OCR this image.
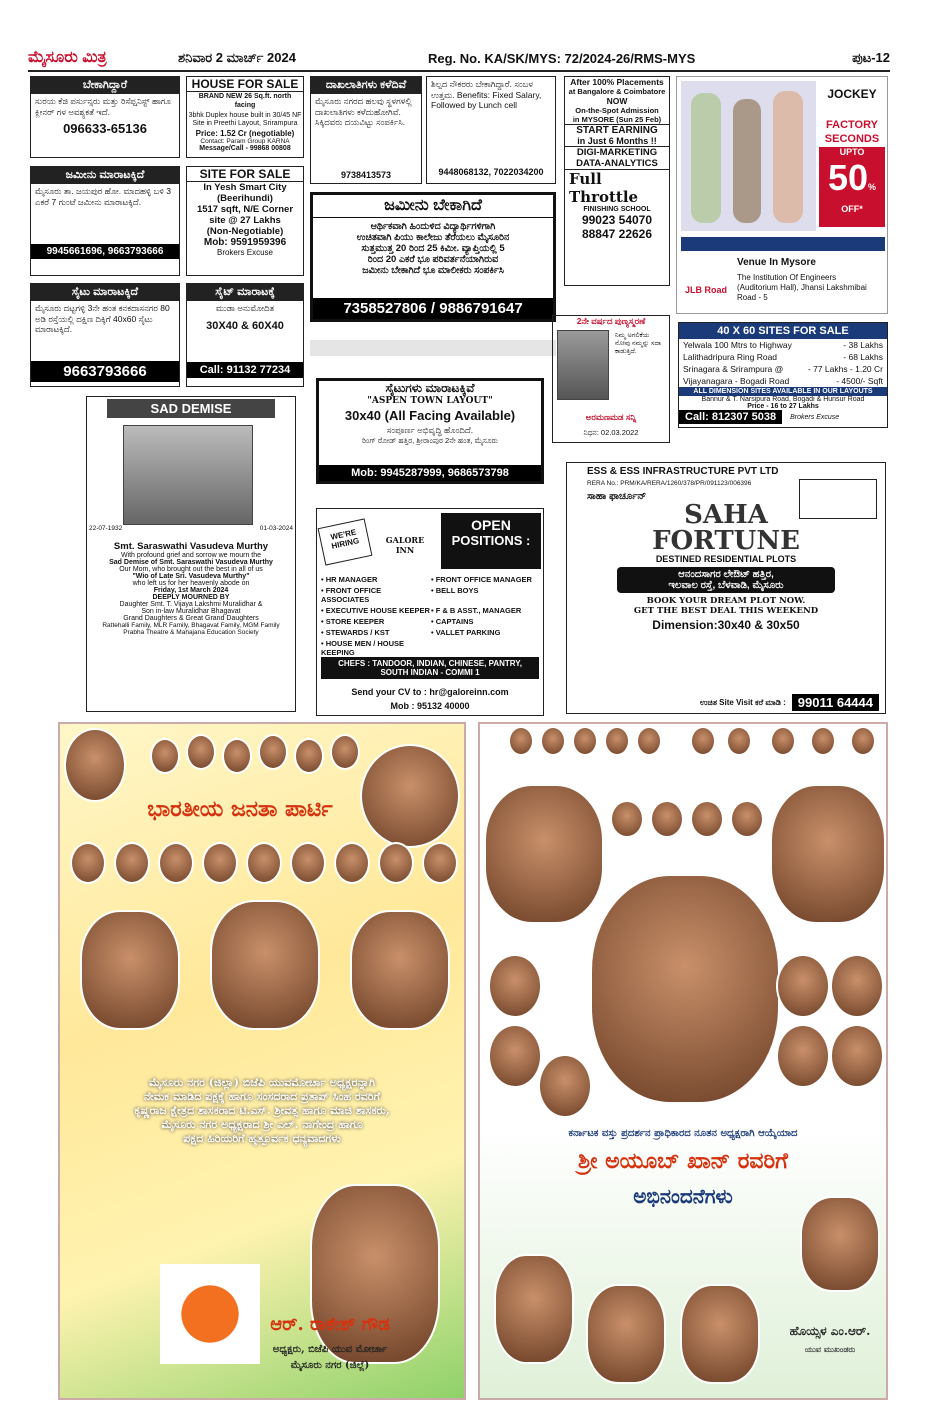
ಮೈಸೂರು ಮಿತ್ರ	ಶನಿವಾರ 2 ಮಾರ್ಚ್ 2024	Reg. No. KA/SK/MYS: 72/2024-26/RMS-MYS	ಪುಟ-12
ಬೇಕಾಗಿದ್ದಾರೆ
ಸುರಯ ಕೆಜಿ ಪರ್ಸುನ್ಸರು ಮತ್ತು ರಿಸೆಪ್ಷನಿಸ್ಟ್ ಹಾಗೂ ಕ್ಲೀನರ್ ಗಳ ಅವಶ್ಯಕತೆ ಇದೆ.
096633-65136
ಜಮೀನು ಮಾರಾಟಕ್ಕಿದೆ
ಮೈಸೂರು ತಾ. ಜಯಪುರ ಹೋ. ಮಾದಹಳ್ಳಿ ಬಳಿ 3 ಎಕರೆ 7 ಗುಂಟೆ ಜಮೀನು ಮಾರಾಟಕ್ಕಿದೆ.
9945661696, 9663793666
ಸೈಟು ಮಾರಾಟಕ್ಕಿದೆ
ಮೈಸೂರು ದಟ್ಟಗಳ್ಳಿ 3ನೇ ಹಂತ ಕನಕದಾಸನಗರ 80 ಅಡಿ ರಸ್ತೆಯಲ್ಲಿ ದಕ್ಷಿಣ ದಿಕ್ಕಿಗೆ 40x60 ಸೈಟು ಮಾರಾಟಕ್ಕಿದೆ.
9663793666
HOUSE FOR SALE
BRAND NEW 26 Sq.ft. north facing
3bhk Duplex house built in 30/45 NF
Site in Preethi Layout, Srirampura
Price: 1.52 Cr (negotiable)
Contact: Param Group KARNA
Message/Call - 99868 00808
SITE FOR SALE
In Yesh Smart City
(Beerihundi)
1517 sqft, N/E Corner
site @ 27 Lakhs
(Non-Negotiable)
Mob: 9591959396
Brokers Excuse
ಸೈಟ್ ಮಾರಾಟಕ್ಕೆ
ಮುಡಾ ಅನುಮೋದಿತ
30X40 & 60X40
Call: 91132 77234
ದಾಖಲಾತಿಗಳು ಕಳೆದಿವೆ
ಮೈಸೂರು ನಗರದ ಹಲವು ಸ್ಥಳಗಳಲ್ಲಿ ದಾಖಲಾತಿಗಳು ಕಳೆದುಹೋಗಿವೆ. ಸಿಕ್ಕಿದವರು ದಯವಿಟ್ಟು ಸಂಪರ್ಕಿಸಿ.
9738413573
ಶಿಲ್ಪದ ನೌಕರರು ಬೇಕಾಗಿದ್ದಾರೆ. ಸಂಬಳ ಉತ್ತಮ. Benefits: Fixed Salary, Followed by Lunch cell
9448068132, 7022034200
ಜಮೀನು ಬೇಕಾಗಿದೆ
ಆರ್ಥಿಕವಾಗಿ ಹಿಂದುಳಿದ ವಿದ್ಯಾರ್ಥಿಗಳಿಗಾಗಿ
ಉಚಿತವಾಗಿ ಪಿಯು ಕಾಲೇಜು ತೆರೆಯಲು ಮೈಸೂರಿನ
ಸುತ್ತಮುತ್ತ 20 ರಿಂದ 25 ಕಿಮೀ. ವ್ಯಾಪ್ತಿಯಲ್ಲಿ 5
ರಿಂದ 20 ಎಕರೆ ಭೂ ಪರಿವರ್ತನೆಯಾಗಿರುವ
ಜಮೀನು ಬೇಕಾಗಿದೆ ಭೂ ಮಾಲೀಕರು ಸಂಪರ್ಕಿಸಿ
7358527806 / 9886791647
After 100% Placements
at Bangalore & Coimbatore
NOW
On-the-Spot Admission
in MYSORE (Sun 25 Feb)
START EARNING
in Just 6 Months !!
DIGI-MARKETING
DATA-ANALYTICS
Full
Throttle
FINISHING SCHOOL
99023 54070
88847 22626
JOCKEY
FACTORY
SECONDS
UPTO
50% OFF*
Venue In Mysore
JLB Road
The Institution Of Engineers
(Auditorium Hall), Jhansi Lakshmibai
Road - 5
2ನೇ ವರ್ಷದ ಪುಣ್ಯಸ್ಮರಣೆ
ನಿಮ್ಮ ಅಗಲಿಕೆಯ ನೋವು ನಮ್ಮನ್ನು ಸದಾ ಕಾಡುತ್ತಿದೆ.
ಅರಮಣಮಡ ಸನ್ನಿ
ನಿಧನ: 02.03.2022
40 X 60 SITES FOR SALE
Yelwala 100 Mtrs to Highway	- 38 Lakhs
Lalithadripura Ring Road	- 68 Lakhs
Srinagara & Srirampura @	- 77 Lakhs - 1.20 Cr
Vijayanagara - Bogadi Road	- 4500/- Sqft
ALL DIMENSION SITES AVAILABLE IN OUR LAYOUTS
Bannur & T. Narsipura Road, Bogadi & Hunsur Road
Price - 16 to 27 Lakhs
Call: 812307 5038	Brokers Excuse
ಸೈಟುಗಳು ಮಾರಾಟಕ್ಕಿವೆ
"ASPEN TOWN LAYOUT"
30x40 (All Facing Available)
ಸಂಪೂರ್ಣ ಅಭಿವೃದ್ಧಿ ಹೊಂದಿದೆ.
ರಿಂಗ್ ರೋಡ್ ಹತ್ತಿರ, ಶ್ರೀರಾಂಪುರ 2ನೇ ಹಂತ, ಮೈಸೂರು
Mob: 9945287999, 9686573798
SAD DEMISE
22-07-1932	01-03-2024
Smt. Saraswathi Vasudeva Murthy
With profound grief and sorrow we mourn the
Sad Demise of Smt. Saraswathi Vasudeva Murthy
Our Mom, who brought out the best in all of us
"Wio of Late Sri. Vasudeva Murthy"
who left us for her heavenly abode on
Friday, 1st March 2024
DEEPLY MOURNED BY
Daughter Smt. T. Vijaya Lakshmi Muralidhar &
Son in-law Muralidhar Bhagavat
Grand Daughters & Great Grand Daughters
Rattehalli Family, MLR Family, Bhagavat Family, MGM Family
Prabha Theatre & Mahajana Education Society
WE'RE HIRING	GALORE INN
OPEN
POSITIONS :
• HR MANAGER	• FRONT OFFICE MANAGER
• FRONT OFFICE ASSOCIATES
• BELL BOYS
• EXECUTIVE HOUSE KEEPER • F & B ASST., MANAGER
• STORE KEEPER	• CAPTAINS
• STEWARDS / KST	• VALLET PARKING
• HOUSE MEN / HOUSE KEEPING
CHEFS : TANDOOR, INDIAN, CHINESE, PANTRY, SOUTH INDIAN - COMMI 1
Send your CV to : hr@galoreinn.com
Mob : 95132 40000
ESS & ESS INFRASTRUCTURE PVT LTD
RERA No.: PRM/KA/RERA/1260/378/PR/091123/006396
ಸಾಹಾ ಫಾರ್ಚೂನ್
SAHA
FORTUNE
DESTINED RESIDENTIAL PLOTS
ಆನಂದಸಾಗರ ಲೇಔಟ್ ಹತ್ತಿರ,
ಇಲವಾಲ ರಸ್ತೆ, ಬೆಳವಾಡಿ, ಮೈಸೂರು
BOOK YOUR DREAM PLOT NOW.
GET THE BEST DEAL THIS WEEKEND
Dimension:30x40 & 30x50
ಉಚಿತ Site Visit ಕರೆ ಮಾಡಿ : 99011 64444
ಭಾರತೀಯ ಜನತಾ ಪಾರ್ಟಿ
ಮೈಸೂರು ನಗರ (ಜಿಲ್ಲಾ) ಬಿಜೆಪಿ ಯುವಮೋರ್ಚಾ ಅಧ್ಯಕ್ಷರನ್ನಾಗಿ
ನೇಮಕ ಮಾಡಿದ ಪಕ್ಷಕ್ಕೆ ಹಾಗೂ ಸಂಸದರಾದ ಪ್ರತಾಪ್ ಸಿಂಹ ರವರಿಗೆ
ಕೃಷ್ಣರಾಜ ಕ್ಷೇತ್ರದ ಶಾಸಕರಾದ ಟಿ.ಎಸ್. ಶ್ರೀವತ್ಸ ಹಾಗೂ ಮಾಜಿ ಶಾಸಕರು,
ಮೈಸೂರು ನಗರ ಅಧ್ಯಕ್ಷರಾದ ಶ್ರೀ ಎಲ್. ನಾಗೇಂದ್ರ ಹಾಗೂ
ಪಕ್ಷದ ಹಿರಿಯರಿಗೆ ಹೃತ್ಪೂರ್ವಕ ಧನ್ಯವಾದಗಳು
ಆರ್. ರಾಕೇಶ್ ಗೌಡ
ಅಧ್ಯಕ್ಷರು, ಬಿಜೆಪಿ ಯುವ ಮೋರ್ಚಾ
ಮೈಸೂರು ನಗರ (ಜಿಲ್ಲೆ)
ಕರ್ನಾಟಕ ವಸ್ತು ಪ್ರದರ್ಶನ ಪ್ರಾಧಿಕಾರದ ನೂತನ ಅಧ್ಯಕ್ಷರಾಗಿ ಆಯ್ಕೆಯಾದ
ಶ್ರೀ ಅಯೂಬ್ ಖಾನ್ ರವರಿಗೆ
ಅಭಿನಂದನೆಗಳು
ಹೊಯ್ಸಳ ಎಂ.ಆರ್.
ಯುವ ಮುಖಂಡರು
